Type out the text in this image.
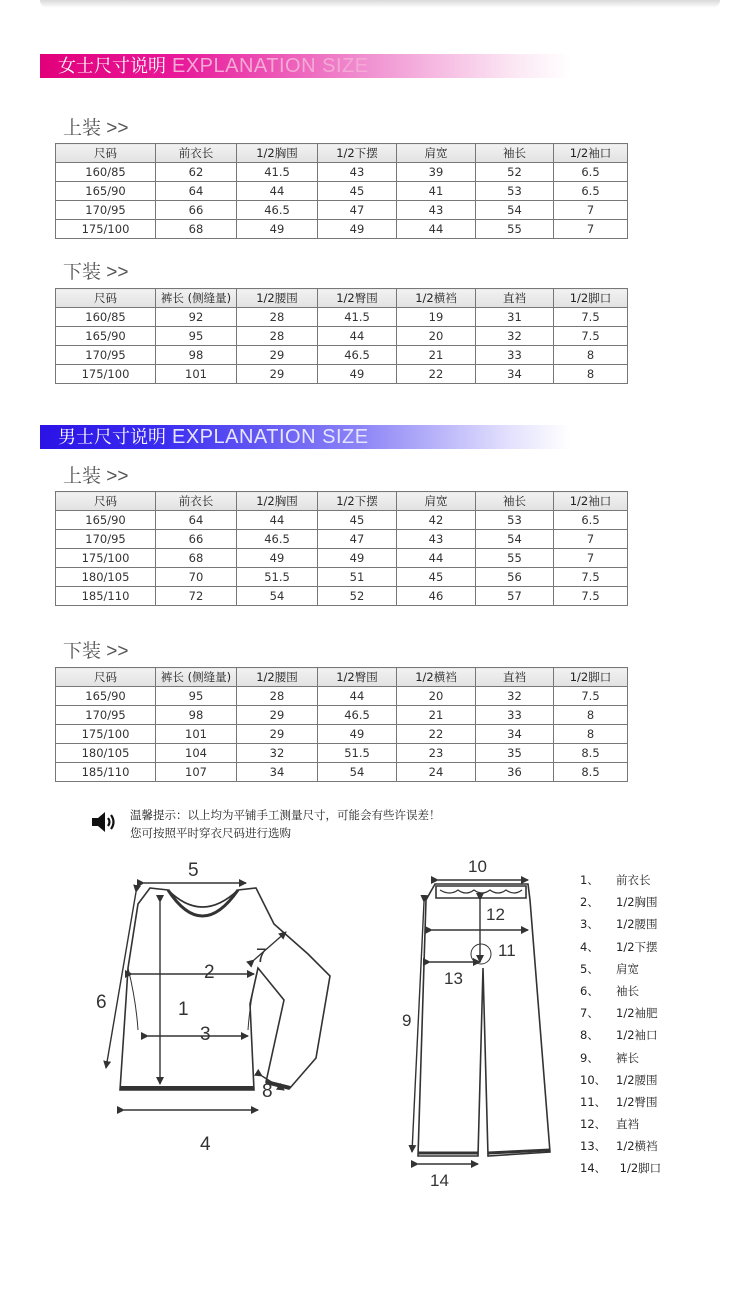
女士尺寸说明 EXPLANATION SIZE
上装 >>
尺码	前衣长	1/2胸围	1/2下摆	肩宽	袖长	1/2袖口
160/85	62	41.5	43	39	52	6.5
165/90	64	44	45	41	53	6.5
170/95	66	46.5	47	43	54	7
175/100	68	49	49	44	55	7
下装 >>
尺码	裤长 (侧缝量)	1/2腰围	1/2臀围	1/2横裆	直裆	1/2脚口
160/85	92	28	41.5	19	31	7.5
165/90	95	28	44	20	32	7.5
170/95	98	29	46.5	21	33	8
175/100	101	29	49	22	34	8
男士尺寸说明 EXPLANATION SIZE
上装 >>
尺码	前衣长	1/2胸围	1/2下摆	肩宽	袖长	1/2袖口
165/90	64	44	45	42	53	6.5
170/95	66	46.5	47	43	54	7
175/100	68	49	49	44	55	7
180/105	70	51.5	51	45	56	7.5
185/110	72	54	52	46	57	7.5
下装 >>
尺码	裤长 (侧缝量)	1/2腰围	1/2臀围	1/2横裆	直裆	1/2脚口
165/90	95	28	44	20	32	7.5
170/95	98	29	46.5	21	33	8
175/100	101	29	49	22	34	8
180/105	104	32	51.5	23	35	8.5
185/110	107	34	54	24	36	8.5
温馨提示：以上均为平铺手工测量尺寸，可能会有些许误差！
您可按照平时穿衣尺码进行选购
5
2
7
6	1
3
8
4
10
12
11
13
9
14
1、 前衣长
2、 1/2胸围
3、 1/2腰围
4、 1/2下摆
5、 肩宽
6、 袖长
7、 1/2袖肥
8、 1/2袖口
9、 裤长
10、 1/2腰围
11、 1/2臀围
12、 直裆
13、 1/2横裆
14、 1/2脚口
